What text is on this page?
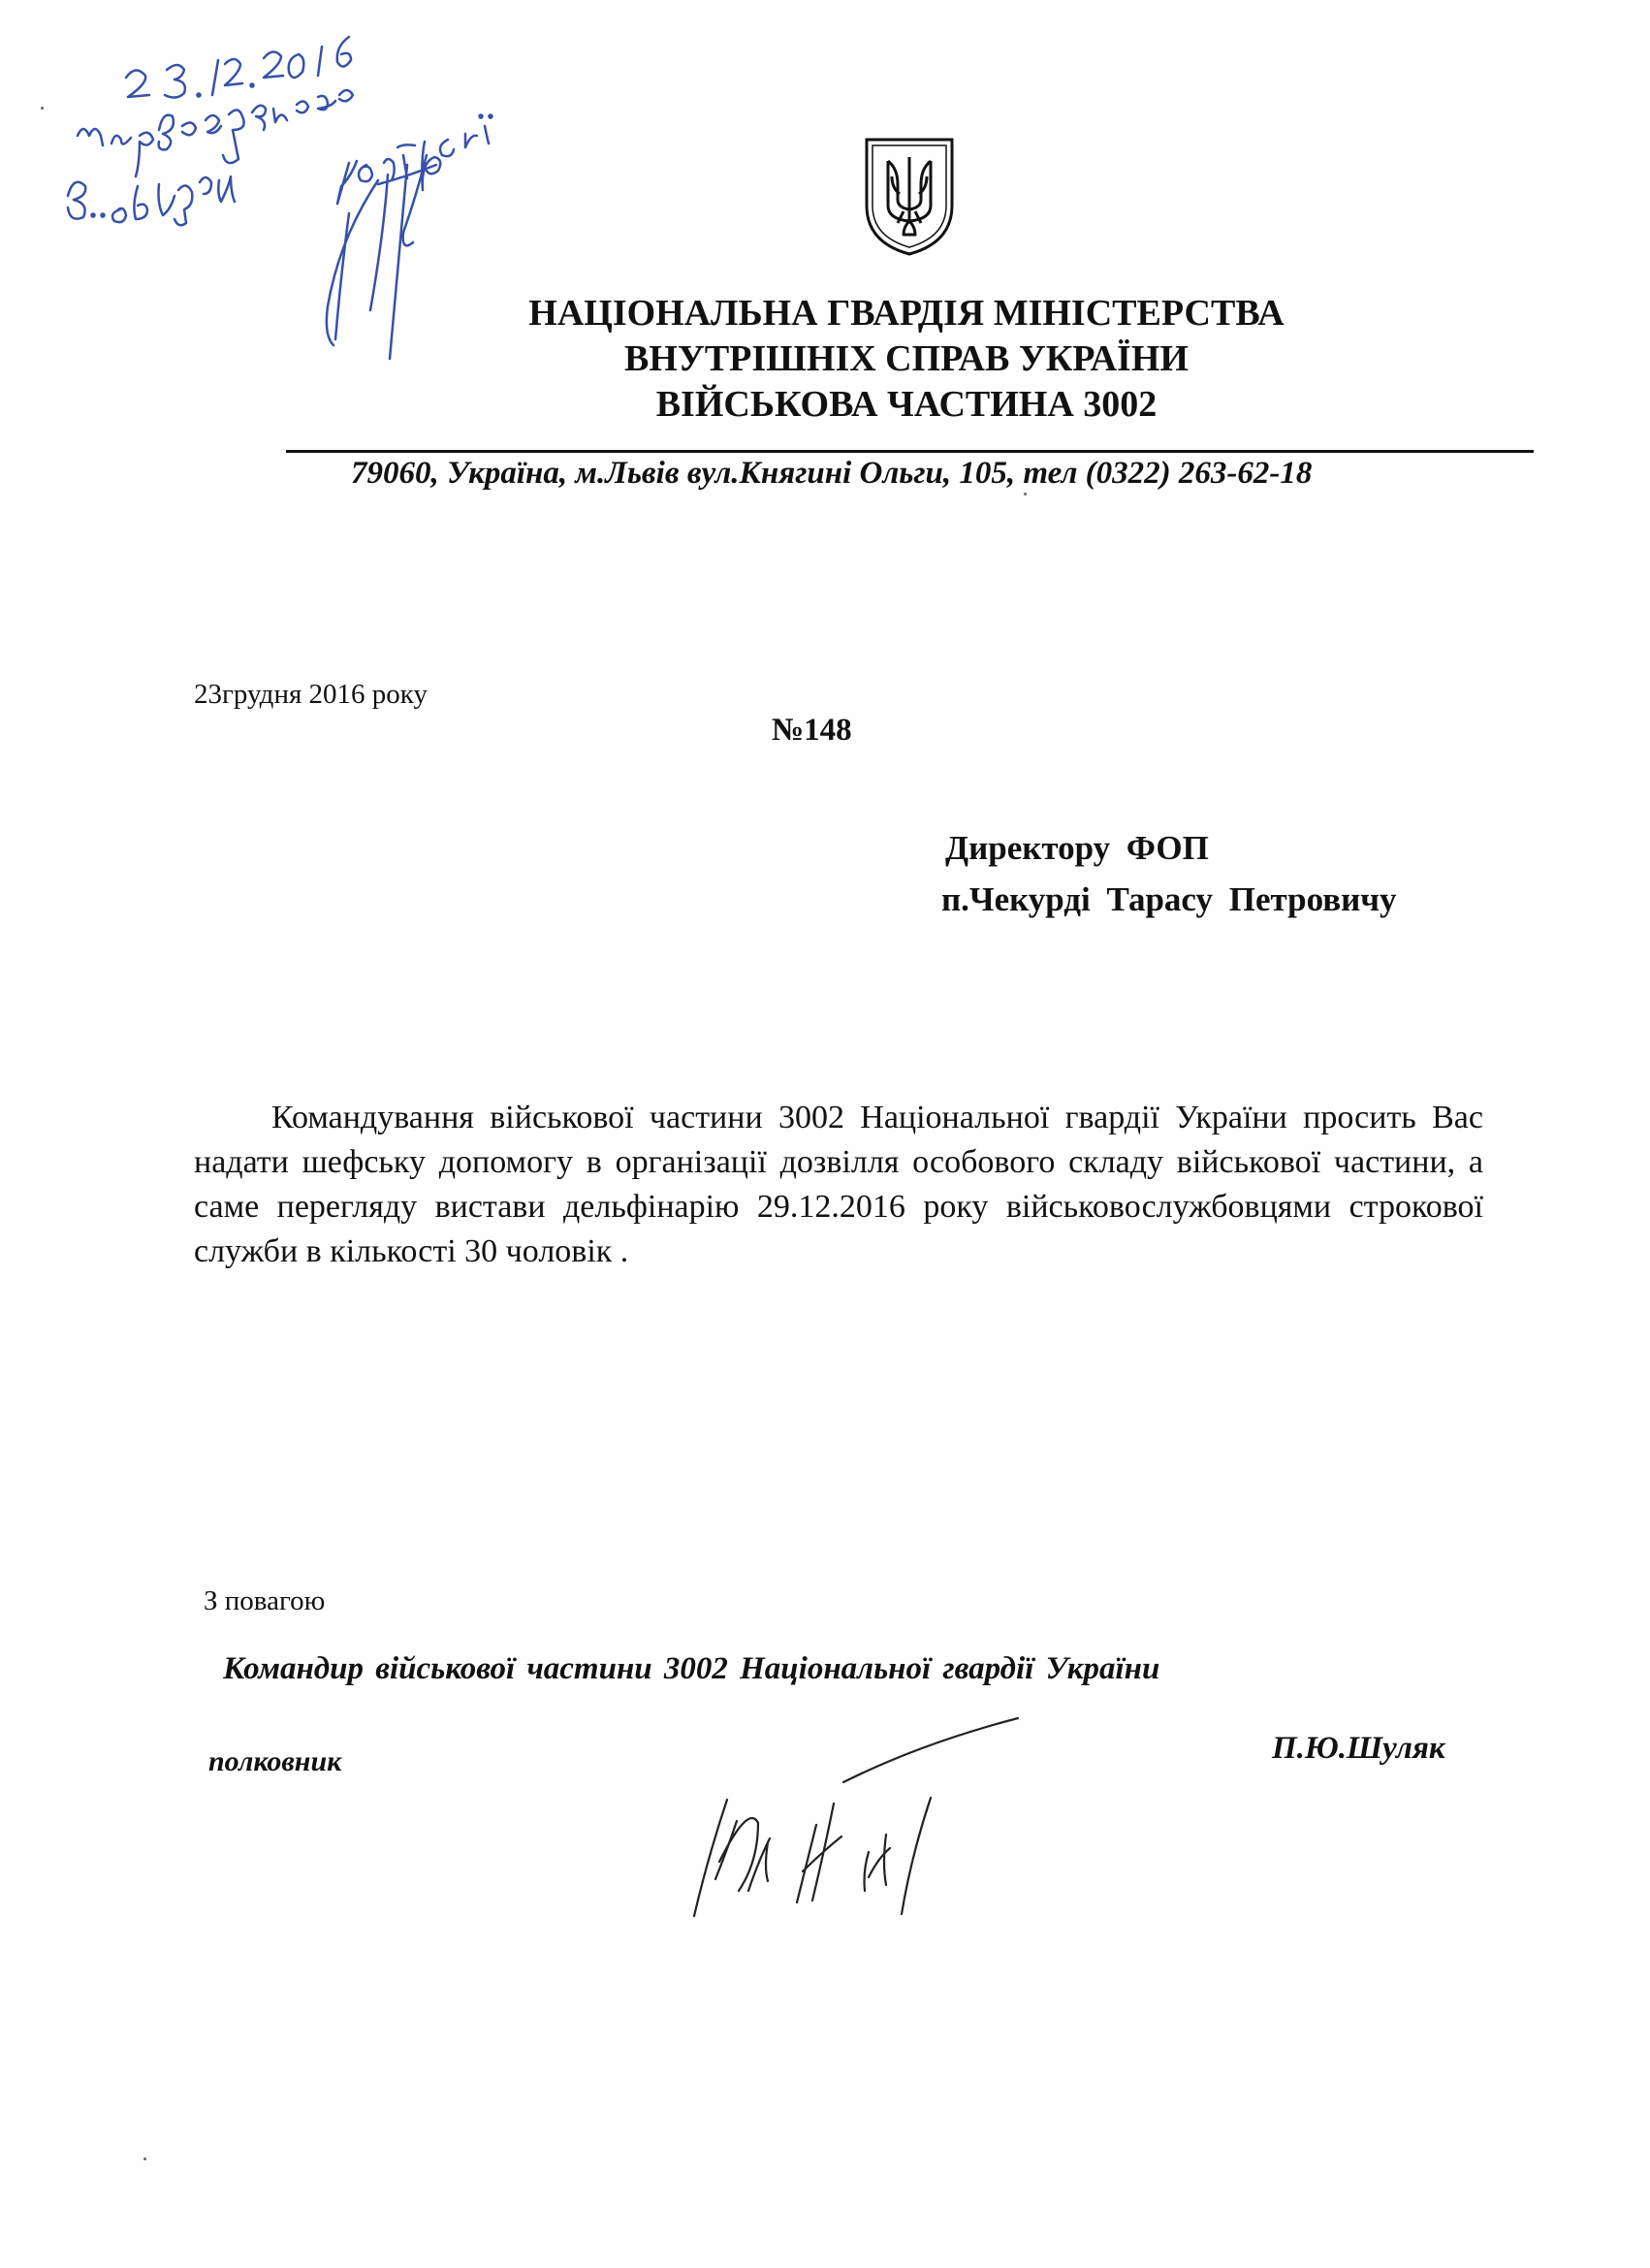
НАЦІОНАЛЬНА ГВАРДІЯ МІНІСТЕРСТВА
ВНУТРІШНІХ СПРАВ УКРАЇНИ
ВІЙСЬКОВА ЧАСТИНА 3002
79060, Україна, м.Львів вул.Княгині Ольги, 105, тел (0322) 263-62-18
23грудня 2016 року
№148
Директору ФОП
п.Чекурді Тарасу Петровичу

Командування військової частини 3002 Національної гвардії України просить Вас надати шефську допомогу в організації дозвілля особового складу військової частини, а саме перегляду вистави дельфінарію 29.12.2016 року військовослужбовцями строкової служби в кількості 30 чоловік .

З повагою
Командир військової частини 3002 Національної гвардії України
полковник	П.Ю.Шуляк
